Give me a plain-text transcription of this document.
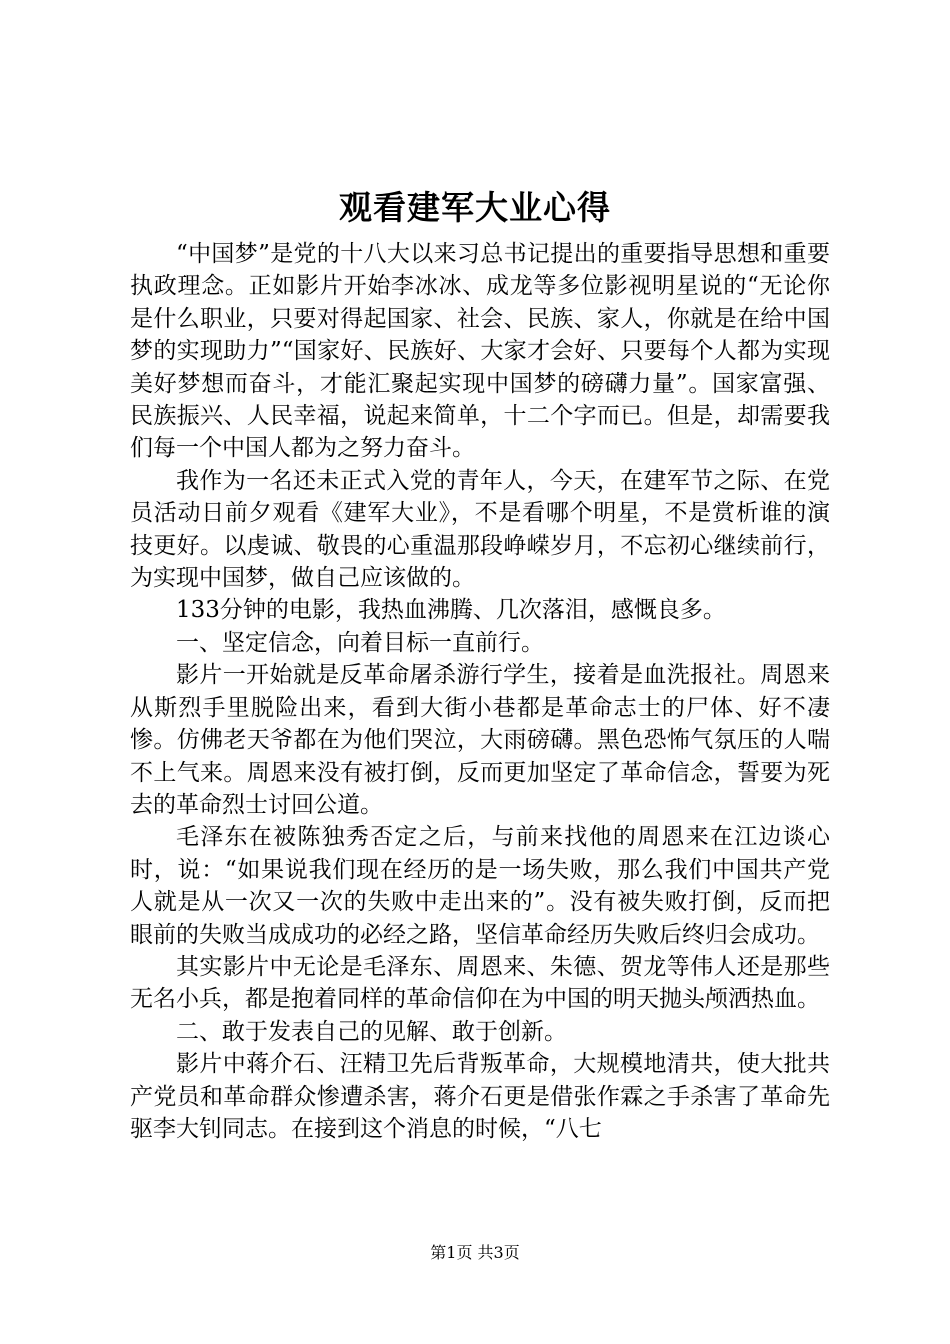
观看建军大业心得

“中国梦”是党的十八大以来习总书记提出的重要指导思想和重要执政理念。正如影片开始李冰冰、成龙等多位影视明星说的“无论你是什么职业，只要对得起国家、社会、民族、家人，你就是在给中国梦的实现助力”“国家好、民族好、大家才会好、只要每个人都为实现美好梦想而奋斗，才能汇聚起实现中国梦的磅礴力量”。国家富强、民族振兴、人民幸福，说起来简单，十二个字而已。但是，却需要我们每一个中国人都为之努力奋斗。

我作为一名还未正式入党的青年人，今天，在建军节之际、在党员活动日前夕观看《建军大业》，不是看哪个明星，不是赏析谁的演技更好。以虔诚、敬畏的心重温那段峥嵘岁月，不忘初心继续前行，为实现中国梦，做自己应该做的。

133分钟的电影，我热血沸腾、几次落泪，感慨良多。

一、坚定信念，向着目标一直前行。

影片一开始就是反革命屠杀游行学生，接着是血洗报社。周恩来从斯烈手里脱险出来，看到大街小巷都是革命志士的尸体、好不凄惨。仿佛老天爷都在为他们哭泣，大雨磅礴。黑色恐怖气氛压的人喘不上气来。周恩来没有被打倒，反而更加坚定了革命信念，誓要为死去的革命烈士讨回公道。

毛泽东在被陈独秀否定之后，与前来找他的周恩来在江边谈心时，说：“如果说我们现在经历的是一场失败，那么我们中国共产党人就是从一次又一次的失败中走出来的”。没有被失败打倒，反而把眼前的失败当成成功的必经之路，坚信革命经历失败后终归会成功。

其实影片中无论是毛泽东、周恩来、朱德、贺龙等伟人还是那些无名小兵，都是抱着同样的革命信仰在为中国的明天抛头颅洒热血。

二、敢于发表自己的见解、敢于创新。

影片中蒋介石、汪精卫先后背叛革命，大规模地清共，使大批共产党员和革命群众惨遭杀害，蒋介石更是借张作霖之手杀害了革命先驱李大钊同志。在接到这个消息的时候，“八七

第1页 共3页
